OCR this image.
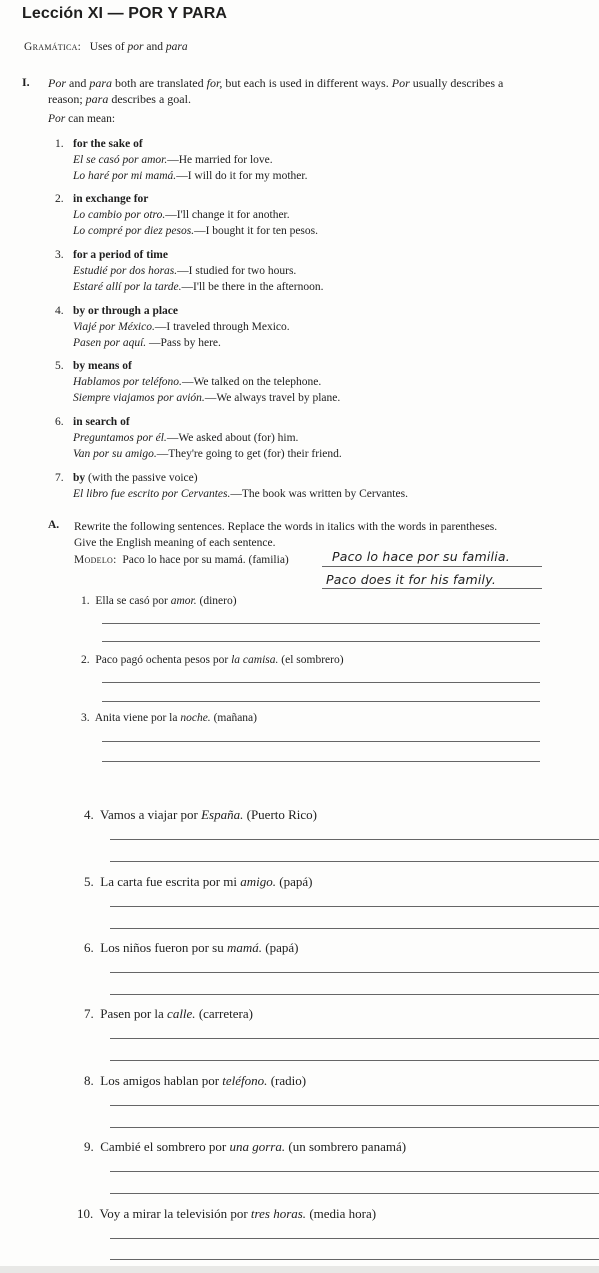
Lección XI — POR Y PARA
Gramática: Uses of por and para
I. Por and para both are translated for, but each is used in different ways. Por usually describes a
reason; para describes a goal.
Por can mean:
1. for the sake of
El se casó por amor.—He married for love.
Lo haré por mi mamá.—I will do it for my mother.
2. in exchange for
Lo cambio por otro.—I'll change it for another.
Lo compré por diez pesos.—I bought it for ten pesos.
3. for a period of time
Estudié por dos horas.—I studied for two hours.
Estaré allí por la tarde.—I'll be there in the afternoon.
4. by or through a place
Viajé por México.—I traveled through Mexico.
Pasen por aquí. —Pass by here.
5. by means of
Hablamos por teléfono.—We talked on the telephone.
Siempre viajamos por avión.—We always travel by plane.
6. in search of
Preguntamos por él.—We asked about (for) him.
Van por su amigo.—They're going to get (for) their friend.
7. by (with the passive voice)
El libro fue escrito por Cervantes.—The book was written by Cervantes.
A. Rewrite the following sentences. Replace the words in italics with the words in parentheses.
Give the English meaning of each sentence.
Modelo: Paco lo hace por su mamá. (familia)	Paco lo hace por su familia.
Paco does it for his family.
1. Ella se casó por amor. (dinero)
2. Paco pagó ochenta pesos por la camisa. (el sombrero)
3. Anita viene por la noche. (mañana)
4. Vamos a viajar por España. (Puerto Rico)
5. La carta fue escrita por mi amigo. (papá)
6. Los niños fueron por su mamá. (papá)
7. Pasen por la calle. (carretera)
8. Los amigos hablan por teléfono. (radio)
9. Cambié el sombrero por una gorra. (un sombrero panamá)
10. Voy a mirar la televisión por tres horas. (media hora)
